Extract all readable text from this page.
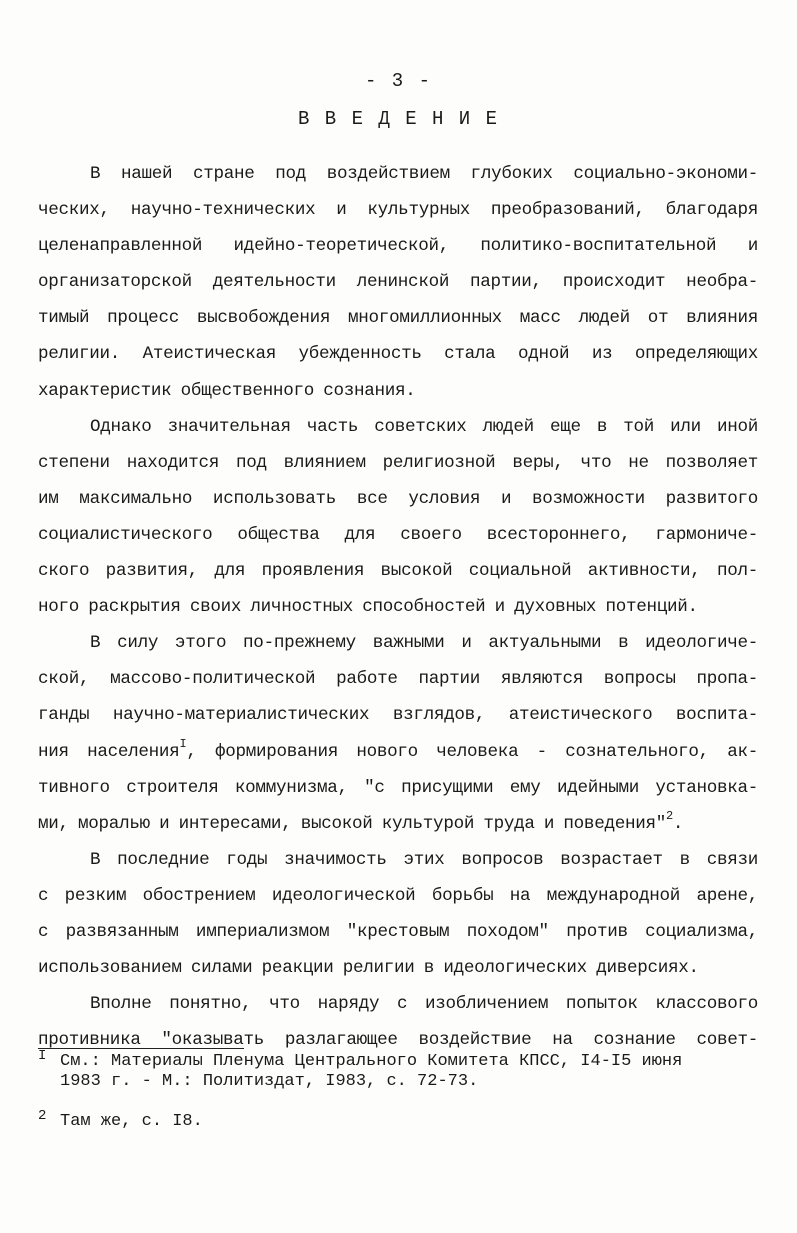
- 3 -
В В Е Д Е Н И Е
В нашей стране под воздействием глубоких социально-экономи-
ческих, научно-технических и культурных преобразований, благодаря
целенаправленной идейно-теоретической, политико-воспитательной и
организаторской деятельности ленинской партии, происходит необра-
тимый процесс высвобождения многомиллионных масс людей от влияния
религии. Атеистическая убежденность стала одной из определяющих
характеристик общественного сознания.
Однако значительная часть советских людей еще в той или иной
степени находится под влиянием религиозной веры, что не позволяет
им максимально использовать все условия и возможности развитого
социалистического общества для своего всестороннего, гармониче-
ского развития, для проявления высокой социальной активности, пол-
ного раскрытия своих личностных способностей и духовных потенций.
В силу этого по-прежнему важными и актуальными в идеологиче-
ской, массово-политической работе партии являются вопросы пропа-
ганды научно-материалистических взглядов, атеистического воспита-
ния населения$^I$, формирования нового человека - сознательного, ак-
тивного строителя коммунизма, "с присущими ему идейными установка-
ми, моралью и интересами, высокой культурой труда и поведения"$^2$.
В последние годы значимость этих вопросов возрастает в связи
с резким обострением идеологической борьбы на международной арене,
с развязанным империализмом "крестовым походом" против социализма,
использованием силами реакции религии в идеологических диверсиях.
Вполне понятно, что наряду с изобличением попыток классового
противника "оказывать разлагающее воздействие на сознание совет-
I См.: Материалы Пленума Центрального Комитета КПСС, I4-I5 июня
1983 г. - М.: Политиздат, I983, с. 72-73.
2 Там же, с. I8.
